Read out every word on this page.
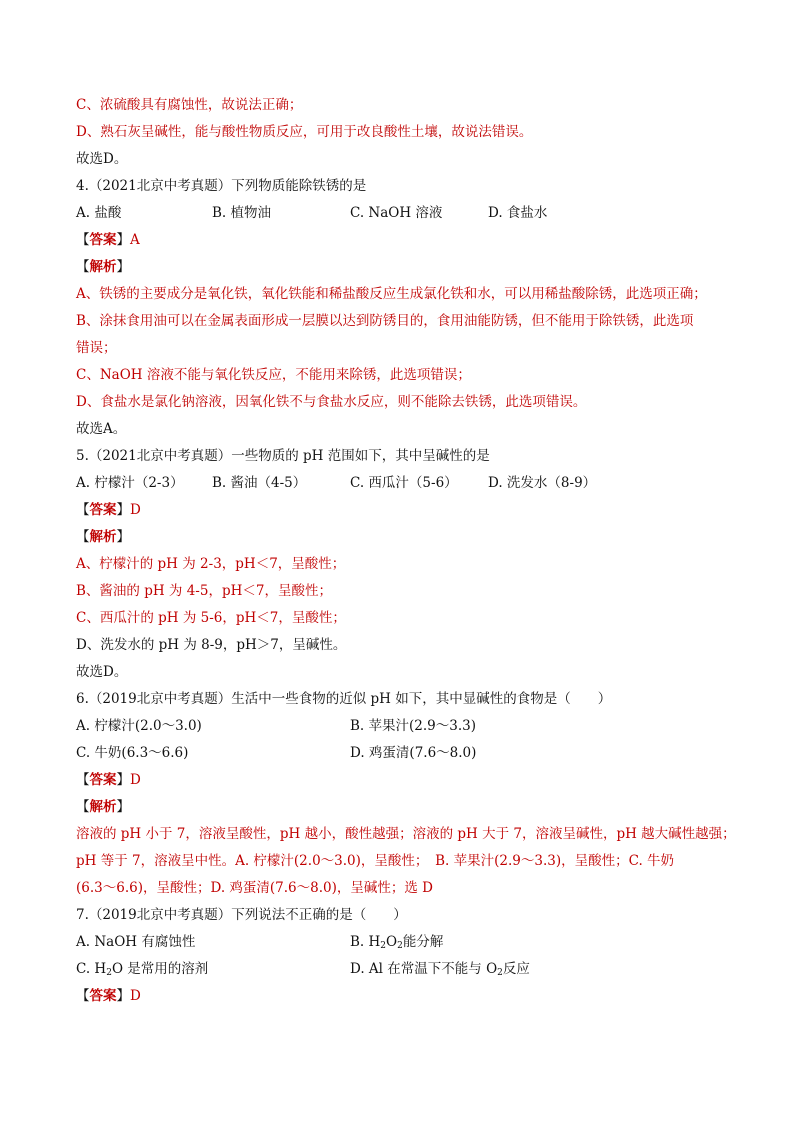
C、浓硫酸具有腐蚀性，故说法正确；
D、熟石灰呈碱性，能与酸性物质反应，可用于改良酸性土壤，故说法错误。
故选D。
4.（2021北京中考真题）下列物质能除铁锈的是
A. 盐酸	B. 植物油	C. NaOH 溶液	D. 食盐水
【答案】A
【解析】
A、铁锈的主要成分是氧化铁，氧化铁能和稀盐酸反应生成氯化铁和水，可以用稀盐酸除锈，此选项正确；
B、涂抹食用油可以在金属表面形成一层膜以达到防锈目的，食用油能防锈，但不能用于除铁锈，此选项
错误；
C、NaOH 溶液不能与氧化铁反应，不能用来除锈，此选项错误；
D、食盐水是氯化钠溶液，因氧化铁不与食盐水反应，则不能除去铁锈，此选项错误。
故选A。
5.（2021北京中考真题）一些物质的 pH 范围如下，其中呈碱性的是
A. 柠檬汁（2-3） B. 酱油（4-5）	C. 西瓜汁（5-6） D. 洗发水（8-9）
【答案】D
【解析】
A、柠檬汁的 pH 为 2-3，pH＜7，呈酸性；
B、酱油的 pH 为 4-5，pH＜7，呈酸性；
C、西瓜汁的 pH 为 5-6，pH＜7，呈酸性；
D、洗发水的 pH 为 8-9，pH＞7，呈碱性。
故选D。
6.（2019北京中考真题）生活中一些食物的近似 pH 如下，其中显碱性的食物是（　　）
A. 柠檬汁(2.0～3.0)	B. 苹果汁(2.9～3.3)
C. 牛奶(6.3～6.6)	D. 鸡蛋清(7.6～8.0)
【答案】D
【解析】
溶液的 pH 小于 7，溶液呈酸性，pH 越小，酸性越强；溶液的 pH 大于 7，溶液呈碱性，pH 越大碱性越强；
pH 等于 7，溶液呈中性。A. 柠檬汁(2.0～3.0)，呈酸性；　B. 苹果汁(2.9～3.3)，呈酸性；C. 牛奶
(6.3～6.6)，呈酸性；D. 鸡蛋清(7.6～8.0)，呈碱性；选 D
7.（2019北京中考真题）下列说法不正确的是（　　）
A. NaOH 有腐蚀性	B. $H_2O_2$能分解
C. $H_2O$ 是常用的溶剂	D. Al 在常温下不能与 $O_2$反应
【答案】D
